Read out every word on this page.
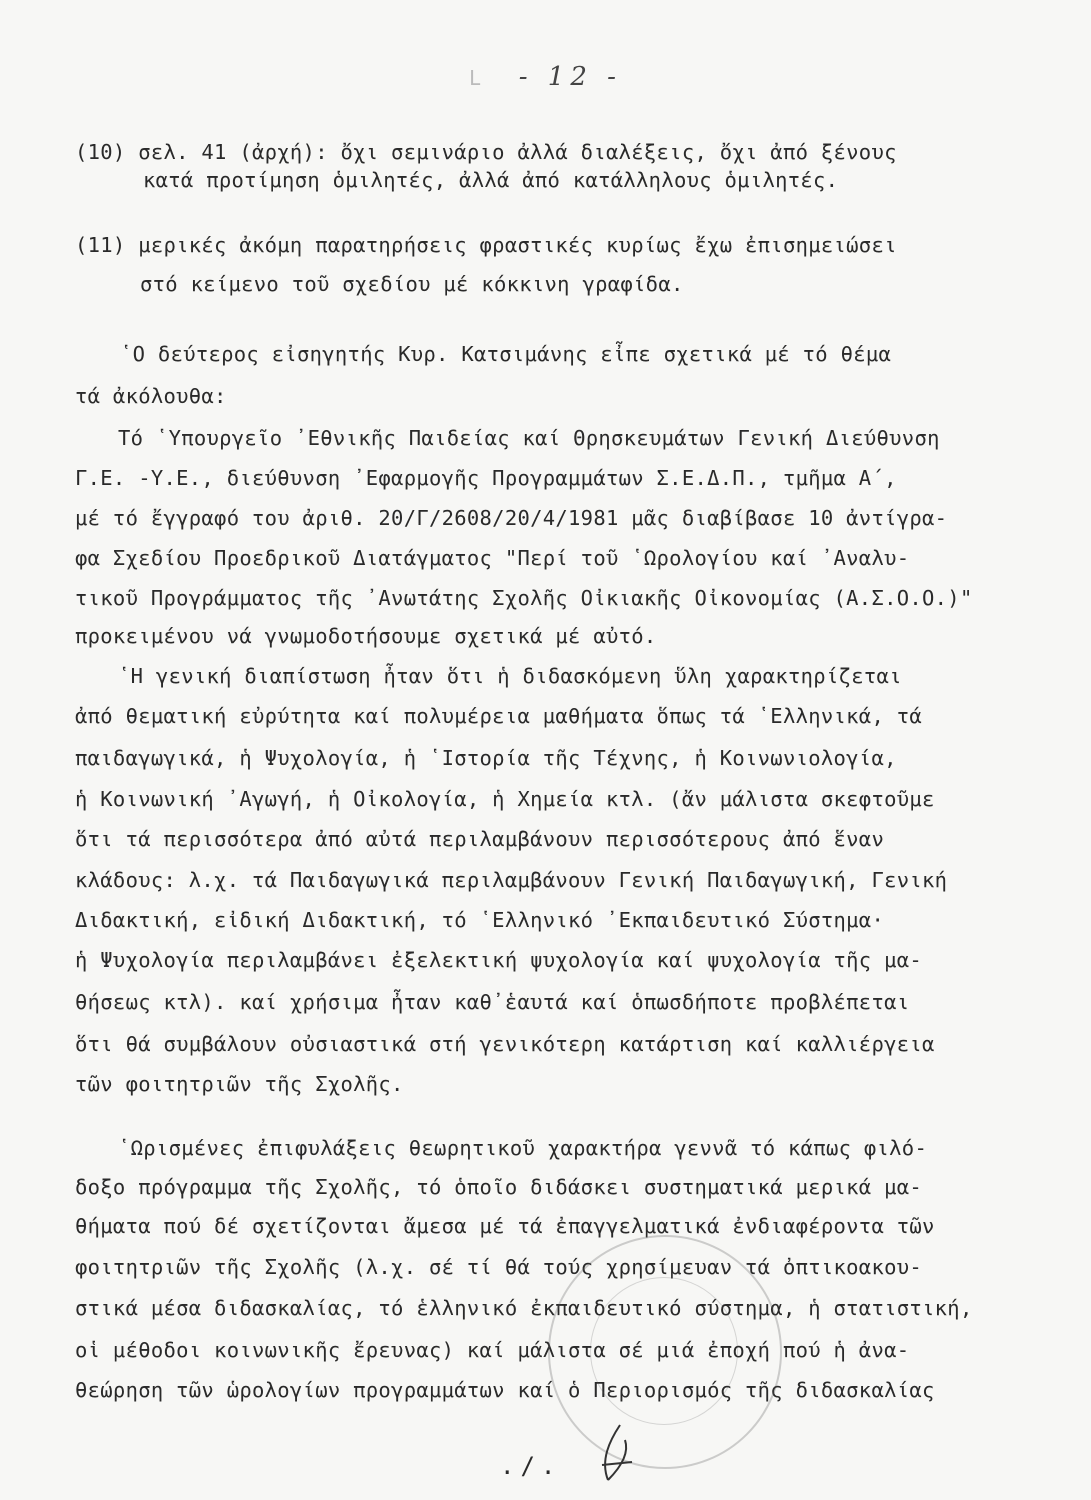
L - 12 -
(10) σελ. 41 (ἀρχή): ὄχι σεμινάριο ἀλλά διαλέξεις, ὄχι ἀπό ξένους
κατά προτίμηση ὁμιλητές, ἀλλά ἀπό κατάλληλους ὁμιλητές.
(11) μερικές ἀκόμη παρατηρήσεις φραστικές κυρίως ἔχω ἐπισημειώσει
στό κείμενο τοῦ σχεδίου μέ κόκκινη γραφίδα.
῾Ο δεύτερος εἰσηγητής Κυρ. Κατσιμάνης εἶπε σχετικά μέ τό θέμα
τά ἀκόλουθα:
Τό ῾Υπουργεῖο ᾿Εθνικῆς Παιδείας καί Θρησκευμάτων Γενική Διεύθυνση
Γ.Ε. -Υ.Ε., διεύθυνση ᾿Εφαρμογῆς Προγραμμάτων Σ.Ε.Δ.Π., τμῆμα Α΄,
μέ τό ἔγγραφό του ἀριθ. 20/Γ/2608/20/4/1981 μᾶς διαβίβασε 10 ἀντίγρα-
φα Σχεδίου Προεδρικοῦ Διατάγματος "Περί τοῦ ῾Ωρολογίου καί ᾿Αναλυ-
τικοῦ Προγράμματος τῆς ᾿Ανωτάτης Σχολῆς Οἰκιακῆς Οἰκονομίας (Α.Σ.Ο.Ο.)"
προκειμένου νά γνωμοδοτήσουμε σχετικά μέ αὐτό.
῾Η γενική διαπίστωση ἦταν ὅτι ἡ διδασκόμενη ὕλη χαρακτηρίζεται
ἀπό θεματική εὐρύτητα καί πολυμέρεια μαθήματα ὅπως τά ῾Ελληνικά, τά
παιδαγωγικά, ἡ Ψυχολογία, ἡ ῾Ιστορία τῆς Τέχνης, ἡ Κοινωνιολογία,
ἡ Κοινωνική ᾿Αγωγή, ἡ Οἰκολογία, ἡ Χημεία κτλ. (ἄν μάλιστα σκεφτοῦμε
ὅτι τά περισσότερα ἀπό αὐτά περιλαμβάνουν περισσότερους ἀπό ἕναν
κλάδους: λ.χ. τά Παιδαγωγικά περιλαμβάνουν Γενική Παιδαγωγική, Γενική
Διδακτική, εἰδική Διδακτική, τό ῾Ελληνικό ᾿Εκπαιδευτικό Σύστημα·
ἡ Ψυχολογία περιλαμβάνει ἐξελεκτική ψυχολογία καί ψυχολογία τῆς μα-
θήσεως κτλ). καί χρήσιμα ἦταν καθ᾿ἑαυτά καί ὁπωσδήποτε προβλέπεται
ὅτι θά συμβάλουν οὐσιαστικά στή γενικότερη κατάρτιση καί καλλιέργεια
τῶν φοιτητριῶν τῆς Σχολῆς.
῾Ωρισμένες ἐπιφυλάξεις θεωρητικοῦ χαρακτήρα γεννᾶ τό κάπως φιλό-
δοξο πρόγραμμα τῆς Σχολῆς, τό ὁποῖο διδάσκει συστηματικά μερικά μα-
θήματα πού δέ σχετίζονται ἄμεσα μέ τά ἐπαγγελματικά ἐνδιαφέροντα τῶν
φοιτητριῶν τῆς Σχολῆς (λ.χ. σέ τί θά τούς χρησίμευαν τά ὀπτικοακου-
στικά μέσα διδασκαλίας, τό ἑλληνικό ἐκπαιδευτικό σύστημα, ἡ στατιστική,
οἱ μέθοδοι κοινωνικῆς ἔρευνας) καί μάλιστα σέ μιά ἐποχή πού ἡ ἀνα-
θεώρηση τῶν ὡρολογίων προγραμμάτων καί ὁ Περιορισμός τῆς διδασκαλίας
./.
